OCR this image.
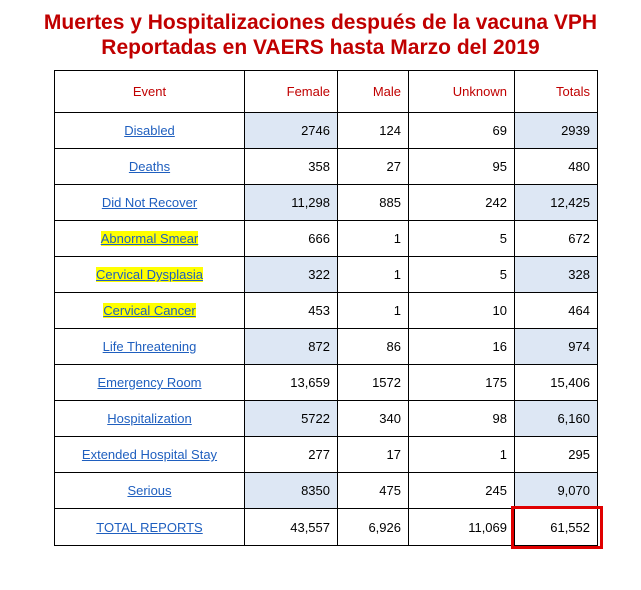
Muertes y Hospitalizaciones después de la vacuna VPH
Reportadas en VAERS hasta Marzo del 2019
Event	Female	Male	Unknown	Totals
Disabled	2746	124	69	2939
Deaths	358	27	95	480
Did Not Recover	11,298	885	242	12,425
Abnormal Smear	666	1	5	672
Cervical Dysplasia	322	1	5	328
Cervical Cancer	453	1	10	464
Life Threatening	872	86	16	974
Emergency Room	13,659	1572	175	15,406
Hospitalization	5722	340	98	6,160
Extended Hospital Stay	277	17	1	295
Serious	8350	475	245	9,070
TOTAL REPORTS	43,557	6,926	11,069	61,552
